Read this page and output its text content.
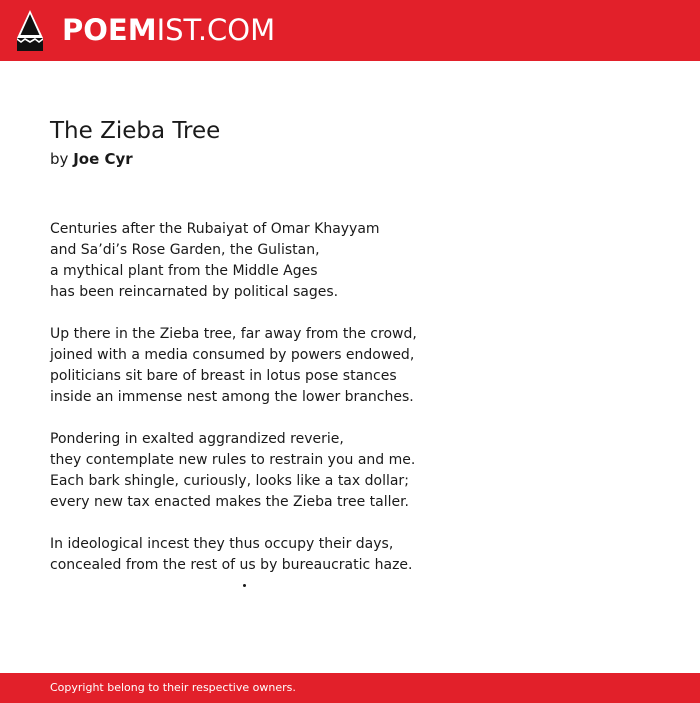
POEMIST.COM
The Zieba Tree
by Joe Cyr
Centuries after the Rubaiyat of Omar Khayyam
and Sa’di’s Rose Garden, the Gulistan,
a mythical plant from the Middle Ages
has been reincarnated by political sages.
Up there in the Zieba tree, far away from the crowd,
joined with a media consumed by powers endowed,
politicians sit bare of breast in lotus pose stances
inside an immense nest among the lower branches.
Pondering in exalted aggrandized reverie,
they contemplate new rules to restrain you and me.
Each bark shingle, curiously, looks like a tax dollar;
every new tax enacted makes the Zieba tree taller.
In ideological incest they thus occupy their days,
concealed from the rest of us by bureaucratic haze.
Copyright belong to their respective owners.
